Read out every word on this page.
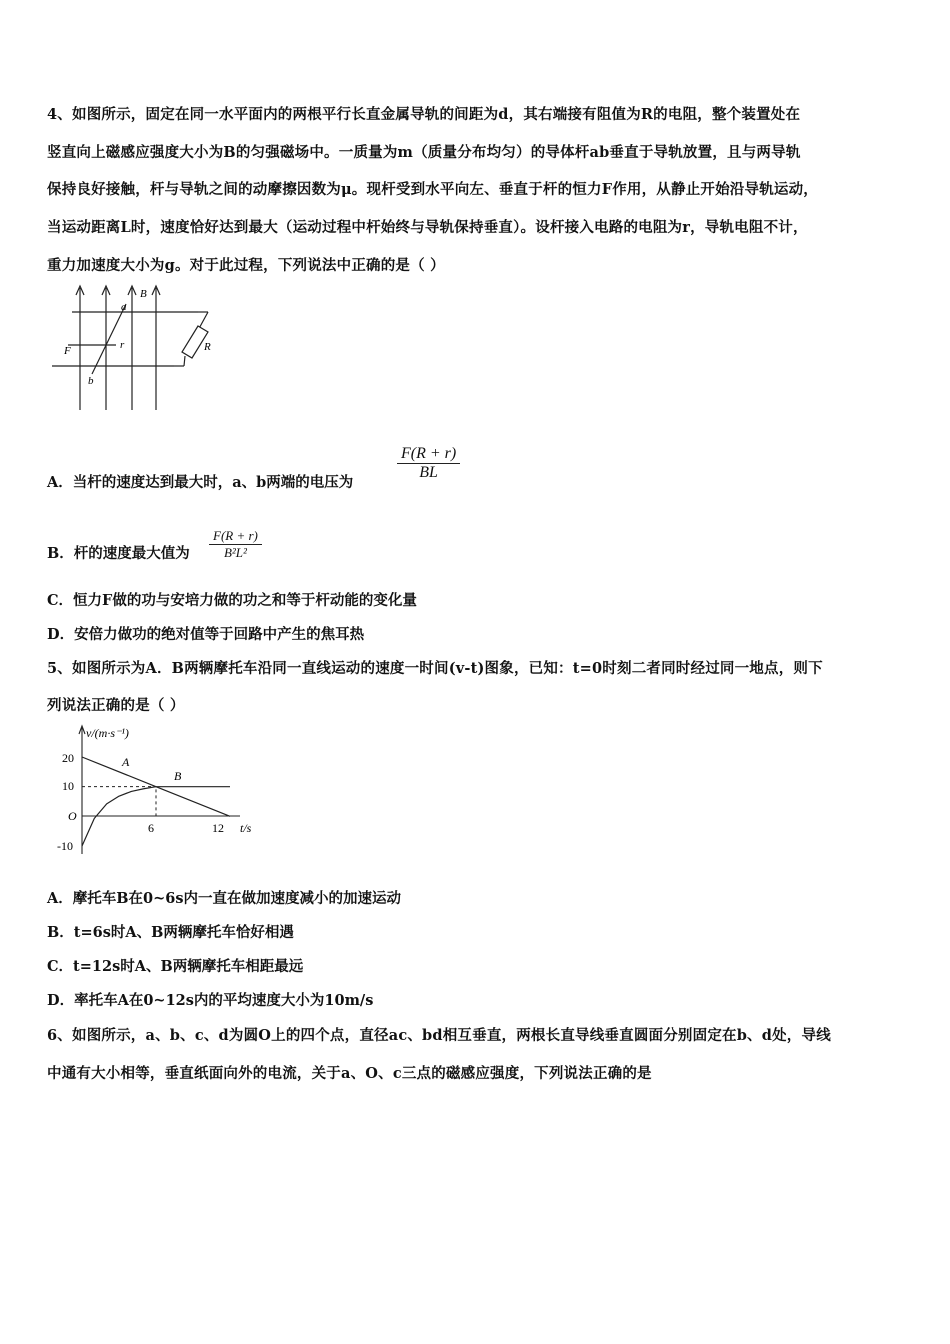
4、如图所示，固定在同一水平面内的两根平行长直金属导轨的间距为d，其右端接有阻值为R的电阻，整个装置处在
竖直向上磁感应强度大小为B的匀强磁场中。一质量为m（质量分布均匀）的导体杆ab垂直于导轨放置，且与两导轨
保持良好接触，杆与导轨之间的动摩擦因数为μ。现杆受到水平向左、垂直于杆的恒力F作用，从静止开始沿导轨运动，
当运动距离L时，速度恰好达到最大（运动过程中杆始终与导轨保持垂直）。设杆接入电路的电阻为r，导轨电阻不计，
重力加速度大小为g。对于此过程，下列说法中正确的是（ ）
a
B
F	r
b
R
A．当杆的速度达到最大时，a、b两端的电压为
$\frac{F(R + r)}{BL}$
B．杆的速度最大值为 $\frac{F(R + r)}{\text{B²L²}}$
C．恒力F做的功与安培力做的功之和等于杆动能的变化量
D．安倍力做功的绝对值等于回路中产生的焦耳热
5、如图所示为A．B两辆摩托车沿同一直线运动的速度一时间(v-t)图象，已知：t=0时刻二者同时经过同一地点，则下
列说法正确的是（ ）
v/(m·s⁻¹)
t/s
O
20
10
-10
6	12
A
B
A．摩托车B在0~6s内一直在做加速度减小的加速运动
B．t=6s时A、B两辆摩托车恰好相遇
C．t=12s时A、B两辆摩托车相距最远
D．率托车A在0~12s内的平均速度大小为10m/s
6、如图所示，a、b、c、d为圆O上的四个点，直径ac、bd相互垂直，两根长直导线垂直圆面分别固定在b、d处，导线
中通有大小相等，垂直纸面向外的电流，关于a、O、c三点的磁感应强度，下列说法正确的是
